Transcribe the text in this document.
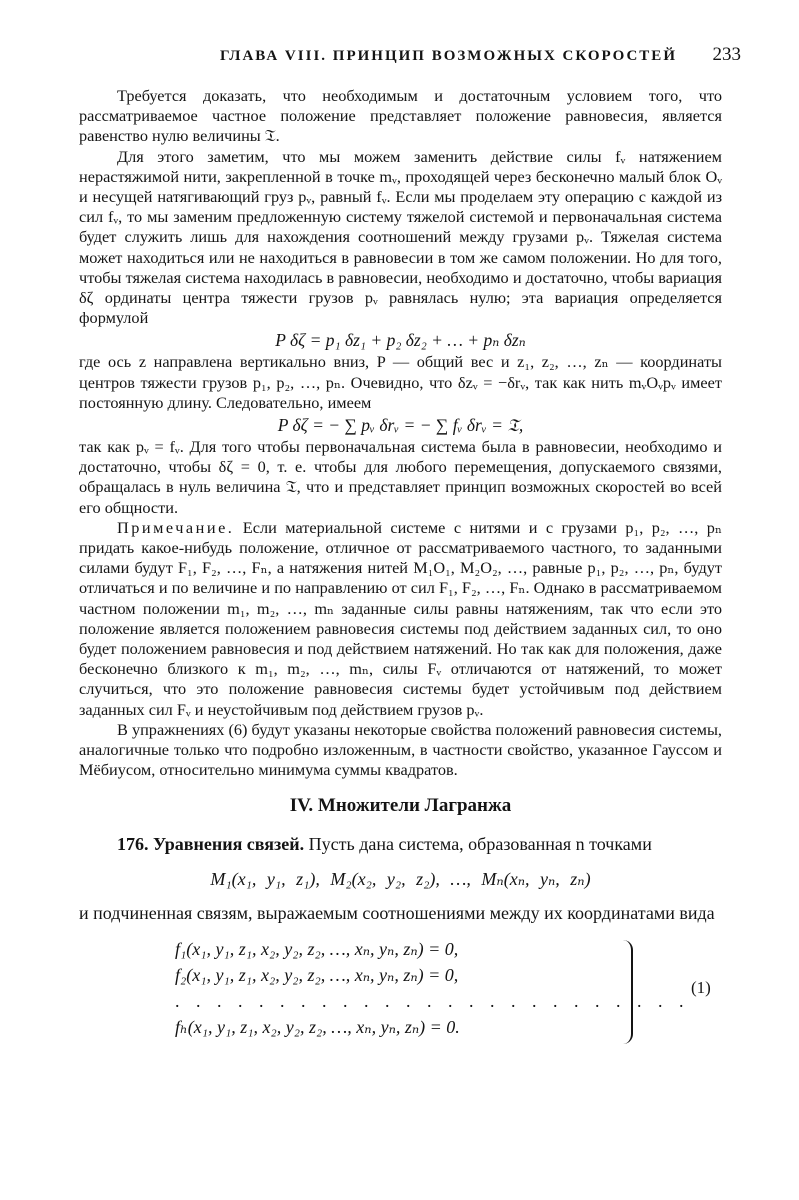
ГЛАВА VIII. ПРИНЦИП ВОЗМОЖНЫХ СКОРОСТЕЙ 233

Требуется доказать, что необходимым и достаточным условием того, что рассматриваемое частное положение представляет положение равновесия, является равенство нулю величины 𝔗.

Для этого заметим, что мы можем заменить действие силы fᵥ натяжением нерастяжимой нити, закрепленной в точке mᵥ, проходящей через бесконечно малый блок Oᵥ и несущей натягивающий груз pᵥ, равный fᵥ. Если мы проделаем эту операцию с каждой из сил fᵥ, то мы заменим предложенную систему тяжелой системой и первоначальная система будет служить лишь для нахождения соотношений между грузами pᵥ. Тяжелая система может находиться или не находиться в равновесии в том же самом положении. Но для того, чтобы тяжелая система находилась в равновесии, необходимо и достаточно, чтобы вариация δζ ординаты центра тяжести грузов pᵥ равнялась нулю; эта вариация определяется формулой

P δζ = p₁ δz₁ + p₂ δz₂ + … + pₙ δzₙ

где ось z направлена вертикально вниз, P — общий вес и z₁, z₂, …, zₙ — координаты центров тяжести грузов p₁, p₂, …, pₙ. Очевидно, что δzᵥ = −δrᵥ, так как нить mᵥOᵥpᵥ имеет постоянную длину. Следовательно, имеем

P δζ = − ∑ pᵥ δrᵥ = − ∑ fᵥ δrᵥ = 𝔗,

так как pᵥ = fᵥ. Для того чтобы первоначальная система была в равновесии, необходимо и достаточно, чтобы δζ = 0, т. е. чтобы для любого перемещения, допускаемого связями, обращалась в нуль величина 𝔗, что и представляет принцип возможных скоростей во всей его общности.

Примечание. Если материальной системе с нитями и с грузами p₁, p₂, …, pₙ придать какое-нибудь положение, отличное от рассматриваемого частного, то заданными силами будут F₁, F₂, …, Fₙ, а натяжения нитей M₁O₁, M₂O₂, …, равные p₁, p₂, …, pₙ, будут отличаться и по величине и по направлению от сил F₁, F₂, …, Fₙ. Однако в рассматриваемом частном положении m₁, m₂, …, mₙ заданные силы равны натяжениям, так что если это положение является положением равновесия системы под действием заданных сил, то оно будет положением равновесия и под действием натяжений. Но так как для положения, даже бесконечно близкого к m₁, m₂, …, mₙ, силы Fᵥ отличаются от натяжений, то может случиться, что это положение равновесия системы будет устойчивым под действием заданных сил Fᵥ и неустойчивым под действием грузов pᵥ.

В упражнениях (6) будут указаны некоторые свойства положений равновесия системы, аналогичные только что подробно изложенным, в частности свойство, указанное Гауссом и Мёбиусом, относительно минимума суммы квадратов.

IV. Множители Лагранжа

176. Уравнения связей. Пусть дана система, образованная n точками

M₁(x₁, y₁, z₁), M₂(x₂, y₂, z₂), …, Mₙ(xₙ, yₙ, zₙ)

и подчиненная связям, выражаемым соотношениями между их координатами вида

f₁(x₁, y₁, z₁, x₂, y₂, z₂, …, xₙ, yₙ, zₙ) = 0,
f₂(x₁, y₁, z₁, x₂, y₂, z₂, …, xₙ, yₙ, zₙ) = 0,
. . . . . . . . . . . . . . . . . . . . . . . . .
fₕ(x₁, y₁, z₁, x₂, y₂, z₂, …, xₙ, yₙ, zₙ) = 0.
(1)
